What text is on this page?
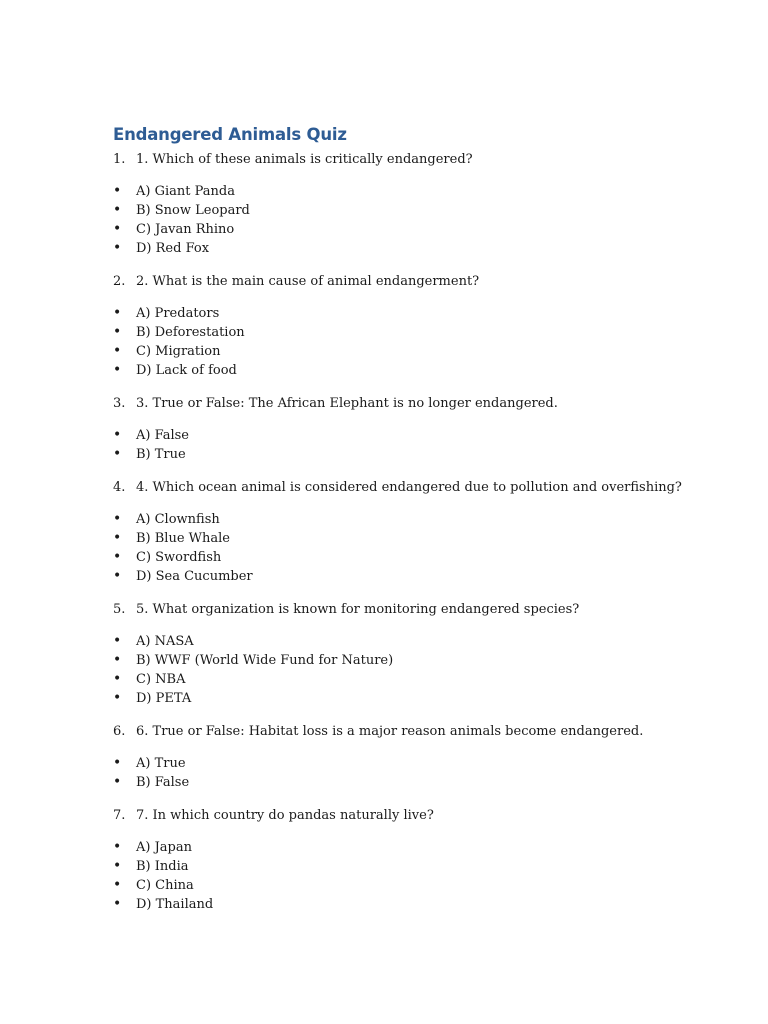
Endangered Animals Quiz
1. 1. Which of these animals is critically endangered?
•	A) Giant Panda
•	B) Snow Leopard
•	C) Javan Rhino
•	D) Red Fox
2. 2. What is the main cause of animal endangerment?
•	A) Predators
•	B) Deforestation
•	C) Migration
•	D) Lack of food
3. 3. True or False: The African Elephant is no longer endangered.
•	A) False
•	B) True
4. 4. Which ocean animal is considered endangered due to pollution and overfishing?
•	A) Clownfish
•	B) Blue Whale
•	C) Swordfish
•	D) Sea Cucumber
5. 5. What organization is known for monitoring endangered species?
•	A) NASA
•	B) WWF (World Wide Fund for Nature)
•	C) NBA
•	D) PETA
6. 6. True or False: Habitat loss is a major reason animals become endangered.
•	A) True
•	B) False
7. 7. In which country do pandas naturally live?
•	A) Japan
•	B) India
•	C) China
•	D) Thailand
